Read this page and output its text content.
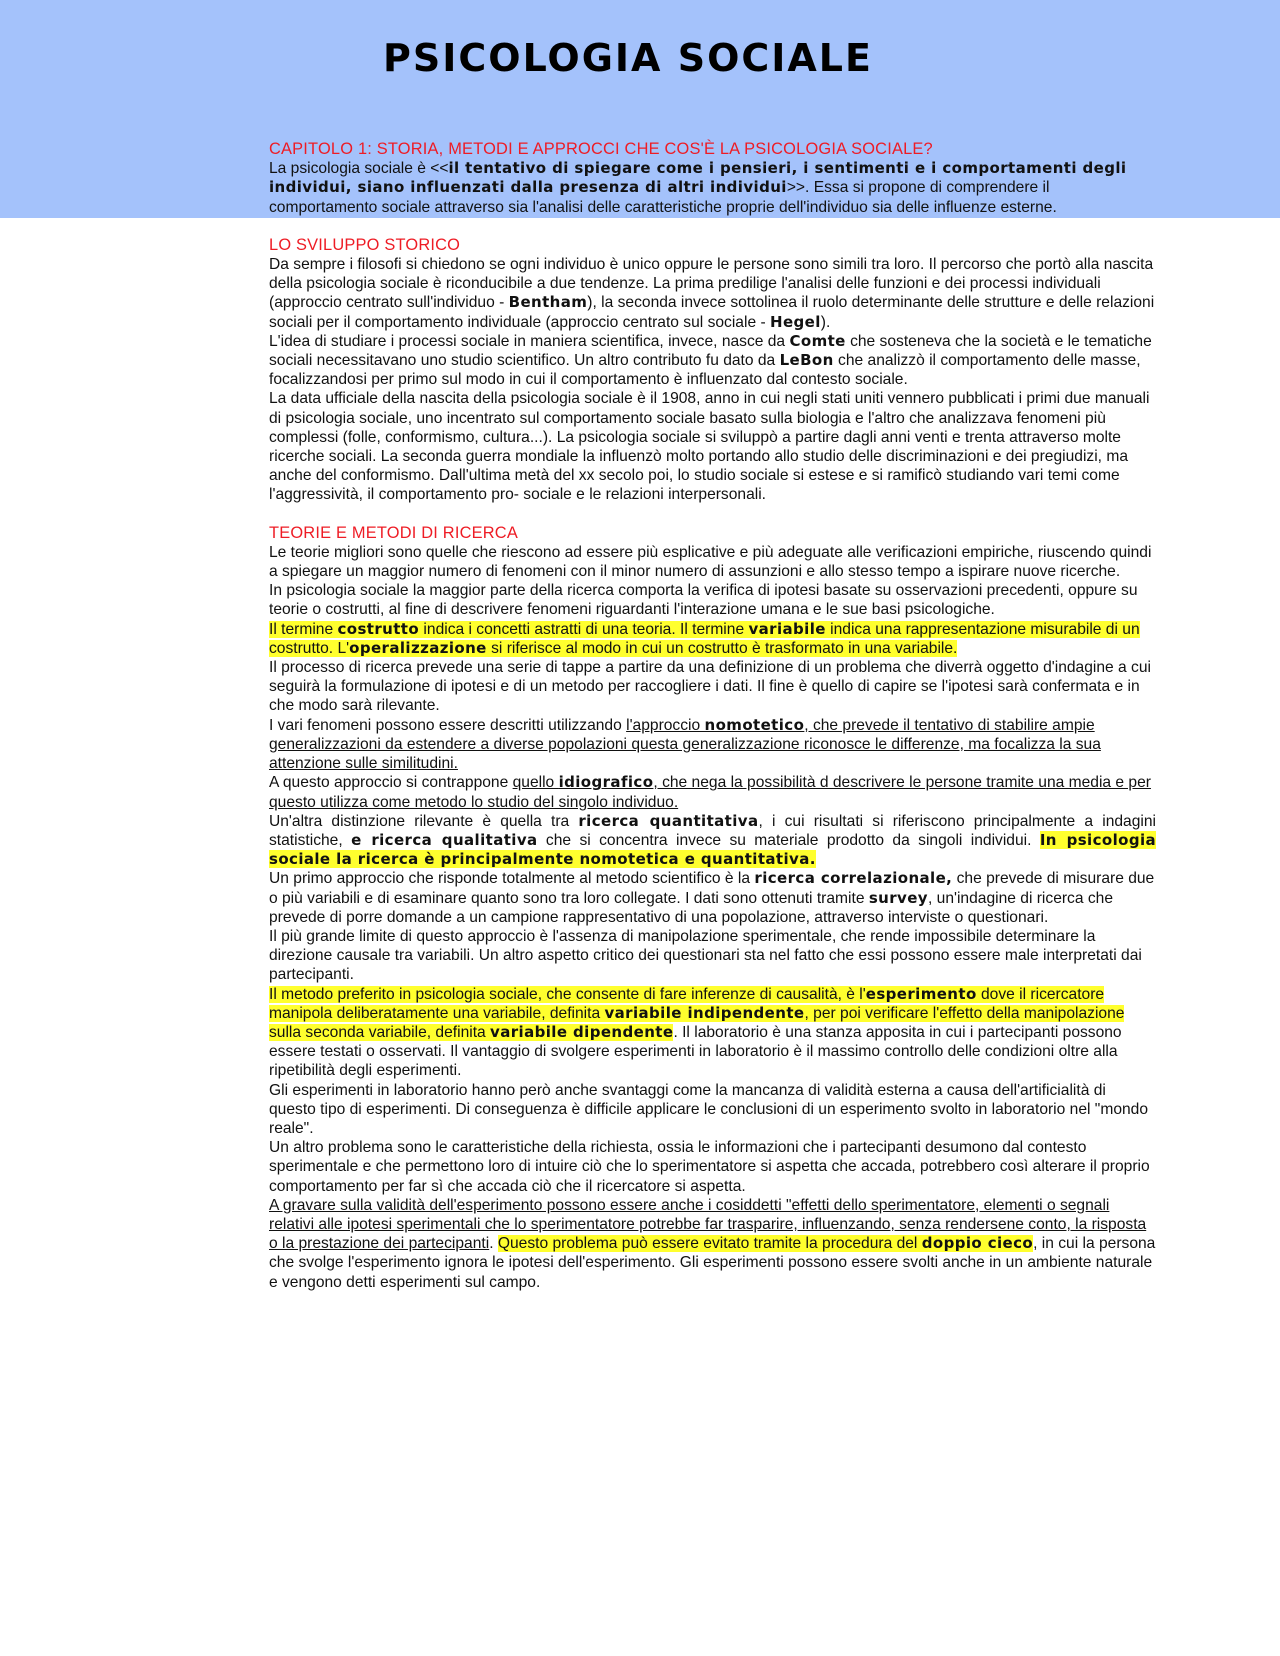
PSICOLOGIA SOCIALE
CAPITOLO 1: STORIA, METODI E APPROCCI CHE COS'È LA PSICOLOGIA SOCIALE?

La psicologia sociale è <<il tentativo di spiegare come i pensieri, i sentimenti e i comportamenti degli individui, siano influenzati dalla presenza di altri individui>>. Essa si propone di comprendere il comportamento sociale attraverso sia l'analisi delle caratteristiche proprie dell'individuo sia delle influenze esterne.

LO SVILUPPO STORICO

Da sempre i filosofi si chiedono se ogni individuo è unico oppure le persone sono simili tra loro. Il percorso che portò alla nascita della psicologia sociale è riconducibile a due tendenze. La prima predilige l'analisi delle funzioni e dei processi individuali (approccio centrato sull'individuo - Bentham), la seconda invece sottolinea il ruolo determinante delle strutture e delle relazioni sociali per il comportamento individuale (approccio centrato sul sociale - Hegel).

L'idea di studiare i processi sociale in maniera scientifica, invece, nasce da Comte che sosteneva che la società e le tematiche sociali necessitavano uno studio scientifico. Un altro contributo fu dato da LeBon che analizzò il comportamento delle masse, focalizzandosi per primo sul modo in cui il comportamento è influenzato dal contesto sociale.

La data ufficiale della nascita della psicologia sociale è il 1908, anno in cui negli stati uniti vennero pubblicati i primi due manuali di psicologia sociale, uno incentrato sul comportamento sociale basato sulla biologia e l'altro che analizzava fenomeni più complessi (folle, conformismo, cultura...). La psicologia sociale si sviluppò a partire dagli anni venti e trenta attraverso molte ricerche sociali. La seconda guerra mondiale la influenzò molto portando allo studio delle discriminazioni e dei pregiudizi, ma anche del conformismo. Dall'ultima metà del xx secolo poi, lo studio sociale si estese e si ramificò studiando vari temi come l'aggressività, il comportamento pro- sociale e le relazioni interpersonali.

TEORIE E METODI DI RICERCA

Le teorie migliori sono quelle che riescono ad essere più esplicative e più adeguate alle verificazioni empiriche, riuscendo quindi a spiegare un maggior numero di fenomeni con il minor numero di assunzioni e allo stesso tempo a ispirare nuove ricerche.

In psicologia sociale la maggior parte della ricerca comporta la verifica di ipotesi basate su osservazioni precedenti, oppure su teorie o costrutti, al fine di descrivere fenomeni riguardanti l'interazione umana e le sue basi psicologiche.

Il termine costrutto indica i concetti astratti di una teoria. Il termine variabile indica una rappresentazione misurabile di un costrutto. L'operalizzazione si riferisce al modo in cui un costrutto è trasformato in una variabile.

Il processo di ricerca prevede una serie di tappe a partire da una definizione di un problema che diverrà oggetto d'indagine a cui seguirà la formulazione di ipotesi e di un metodo per raccogliere i dati. Il fine è quello di capire se l'ipotesi sarà confermata e in che modo sarà rilevante.

I vari fenomeni possono essere descritti utilizzando l'approccio nomotetico, che prevede il tentativo di stabilire ampie generalizzazioni da estendere a diverse popolazioni questa generalizzazione riconosce le differenze, ma focalizza la sua attenzione sulle similitudini.

A questo approccio si contrappone quello idiografico, che nega la possibilità d descrivere le persone tramite una media e per questo utilizza come metodo lo studio del singolo individuo.

Un'altra distinzione rilevante è quella tra ricerca quantitativa, i cui risultati si riferiscono principalmente a indagini statistiche, e ricerca qualitativa che si concentra invece su materiale prodotto da singoli individui. In psicologia sociale la ricerca è principalmente nomotetica e quantitativa.

Un primo approccio che risponde totalmente al metodo scientifico è la ricerca correlazionale, che prevede di misurare due o più variabili e di esaminare quanto sono tra loro collegate. I dati sono ottenuti tramite survey, un'indagine di ricerca che prevede di porre domande a un campione rappresentativo di una popolazione, attraverso interviste o questionari.

Il più grande limite di questo approccio è l'assenza di manipolazione sperimentale, che rende impossibile determinare la direzione causale tra variabili. Un altro aspetto critico dei questionari sta nel fatto che essi possono essere male interpretati dai partecipanti.

Il metodo preferito in psicologia sociale, che consente di fare inferenze di causalità, è l'esperimento dove il ricercatore manipola deliberatamente una variabile, definita variabile indipendente, per poi verificare l'effetto della manipolazione sulla seconda variabile, definita variabile dipendente. Il laboratorio è una stanza apposita in cui i partecipanti possono essere testati o osservati. Il vantaggio di svolgere esperimenti in laboratorio è il massimo controllo delle condizioni oltre alla ripetibilità degli esperimenti.

Gli esperimenti in laboratorio hanno però anche svantaggi come la mancanza di validità esterna a causa dell'artificialità di questo tipo di esperimenti. Di conseguenza è difficile applicare le conclusioni di un esperimento svolto in laboratorio nel "mondo reale".

Un altro problema sono le caratteristiche della richiesta, ossia le informazioni che i partecipanti desumono dal contesto sperimentale e che permettono loro di intuire ciò che lo sperimentatore si aspetta che accada, potrebbero così alterare il proprio comportamento per far sì che accada ciò che il ricercatore si aspetta.

A gravare sulla validità dell'esperimento possono essere anche i cosiddetti "effetti dello sperimentatore, elementi o segnali relativi alle ipotesi sperimentali che lo sperimentatore potrebbe far trasparire, influenzando, senza rendersene conto, la risposta o la prestazione dei partecipanti. Questo problema può essere evitato tramite la procedura del doppio cieco, in cui la persona che svolge l'esperimento ignora le ipotesi dell'esperimento. Gli esperimenti possono essere svolti anche in un ambiente naturale e vengono detti esperimenti sul campo.
